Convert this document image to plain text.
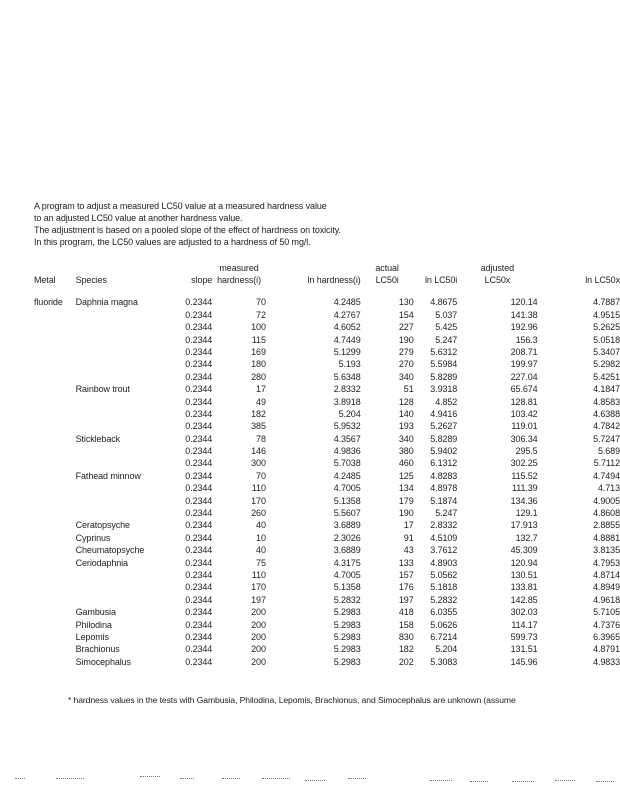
A program to adjust a measured LC50 value at a measured hardness value
to an adjusted LC50 value at another hardness value.
The adjustment is based on a pooled slope of the effect of hardness on toxicity.
In this program, the LC50 values are adjusted to a hardness of 50 mg/l.
			measured		actual		adjusted	
Metal	Species	slope	hardness(i)	ln hardness(i)	LC50i	ln LC50i	LC50x	ln LC50x

fluoride	Daphnia magna	0.2344	70	4.2485	130	4.8675	120.14	4.7887
		0.2344	72	4.2767	154	5.037	141.38	4.9515
		0.2344	100	4.6052	227	5.425	192.96	5.2625
		0.2344	115	4.7449	190	5.247	156.3	5.0518
		0.2344	169	5.1299	279	5.6312	208.71	5.3407
		0.2344	180	5.193	270	5.5984	199.97	5.2982
		0.2344	280	5.6348	340	5.8289	227.04	5.4251
	Rainbow trout	0.2344	17	2.8332	51	3.9318	65.674	4.1847
		0.2344	49	3.8918	128	4.852	128.81	4.8583
		0.2344	182	5.204	140	4.9416	103.42	4.6388
		0.2344	385	5.9532	193	5.2627	119.01	4.7842
	Stickleback	0.2344	78	4.3567	340	5.8289	306.34	5.7247
		0.2344	146	4.9836	380	5.9402	295.5	5.689
		0.2344	300	5.7038	460	6.1312	302.25	5.7112
	Fathead minnow	0.2344	70	4.2485	125	4.8283	115.52	4.7494
		0.2344	110	4.7005	134	4.8978	111.39	4.713
		0.2344	170	5.1358	179	5.1874	134.36	4.9005
		0.2344	260	5.5607	190	5.247	129.1	4.8608
	Ceratopsyche	0.2344	40	3.6889	17	2.8332	17.913	2.8855
	Cyprinus	0.2344	10	2.3026	91	4.5109	132.7	4.8881
	Cheumatopsyche	0.2344	40	3.6889	43	3.7612	45.309	3.8135
	Ceriodaphnia	0.2344	75	4.3175	133	4.8903	120.94	4.7953
		0.2344	110	4.7005	157	5.0562	130.51	4.8714
		0.2344	170	5.1358	176	5.1818	133.81	4.8949
		0.2344	197	5.2832	197	5.2832	142.85	4.9618
	Gambusia	0.2344	200	5.2983	418	6.0355	302.03	5.7105
	Philodina	0.2344	200	5.2983	158	5.0626	114.17	4.7376
	Lepomis	0.2344	200	5.2983	830	6.7214	599.73	6.3965
	Brachionus	0.2344	200	5.2983	182	5.204	131.51	4.8791
	Simocephalus	0.2344	200	5.2983	202	5.3083	145.96	4.9833
* hardness values in the tests with Gambusia, Philodina, Lepomis, Brachionus, and Simocephalus are unknown (assume
